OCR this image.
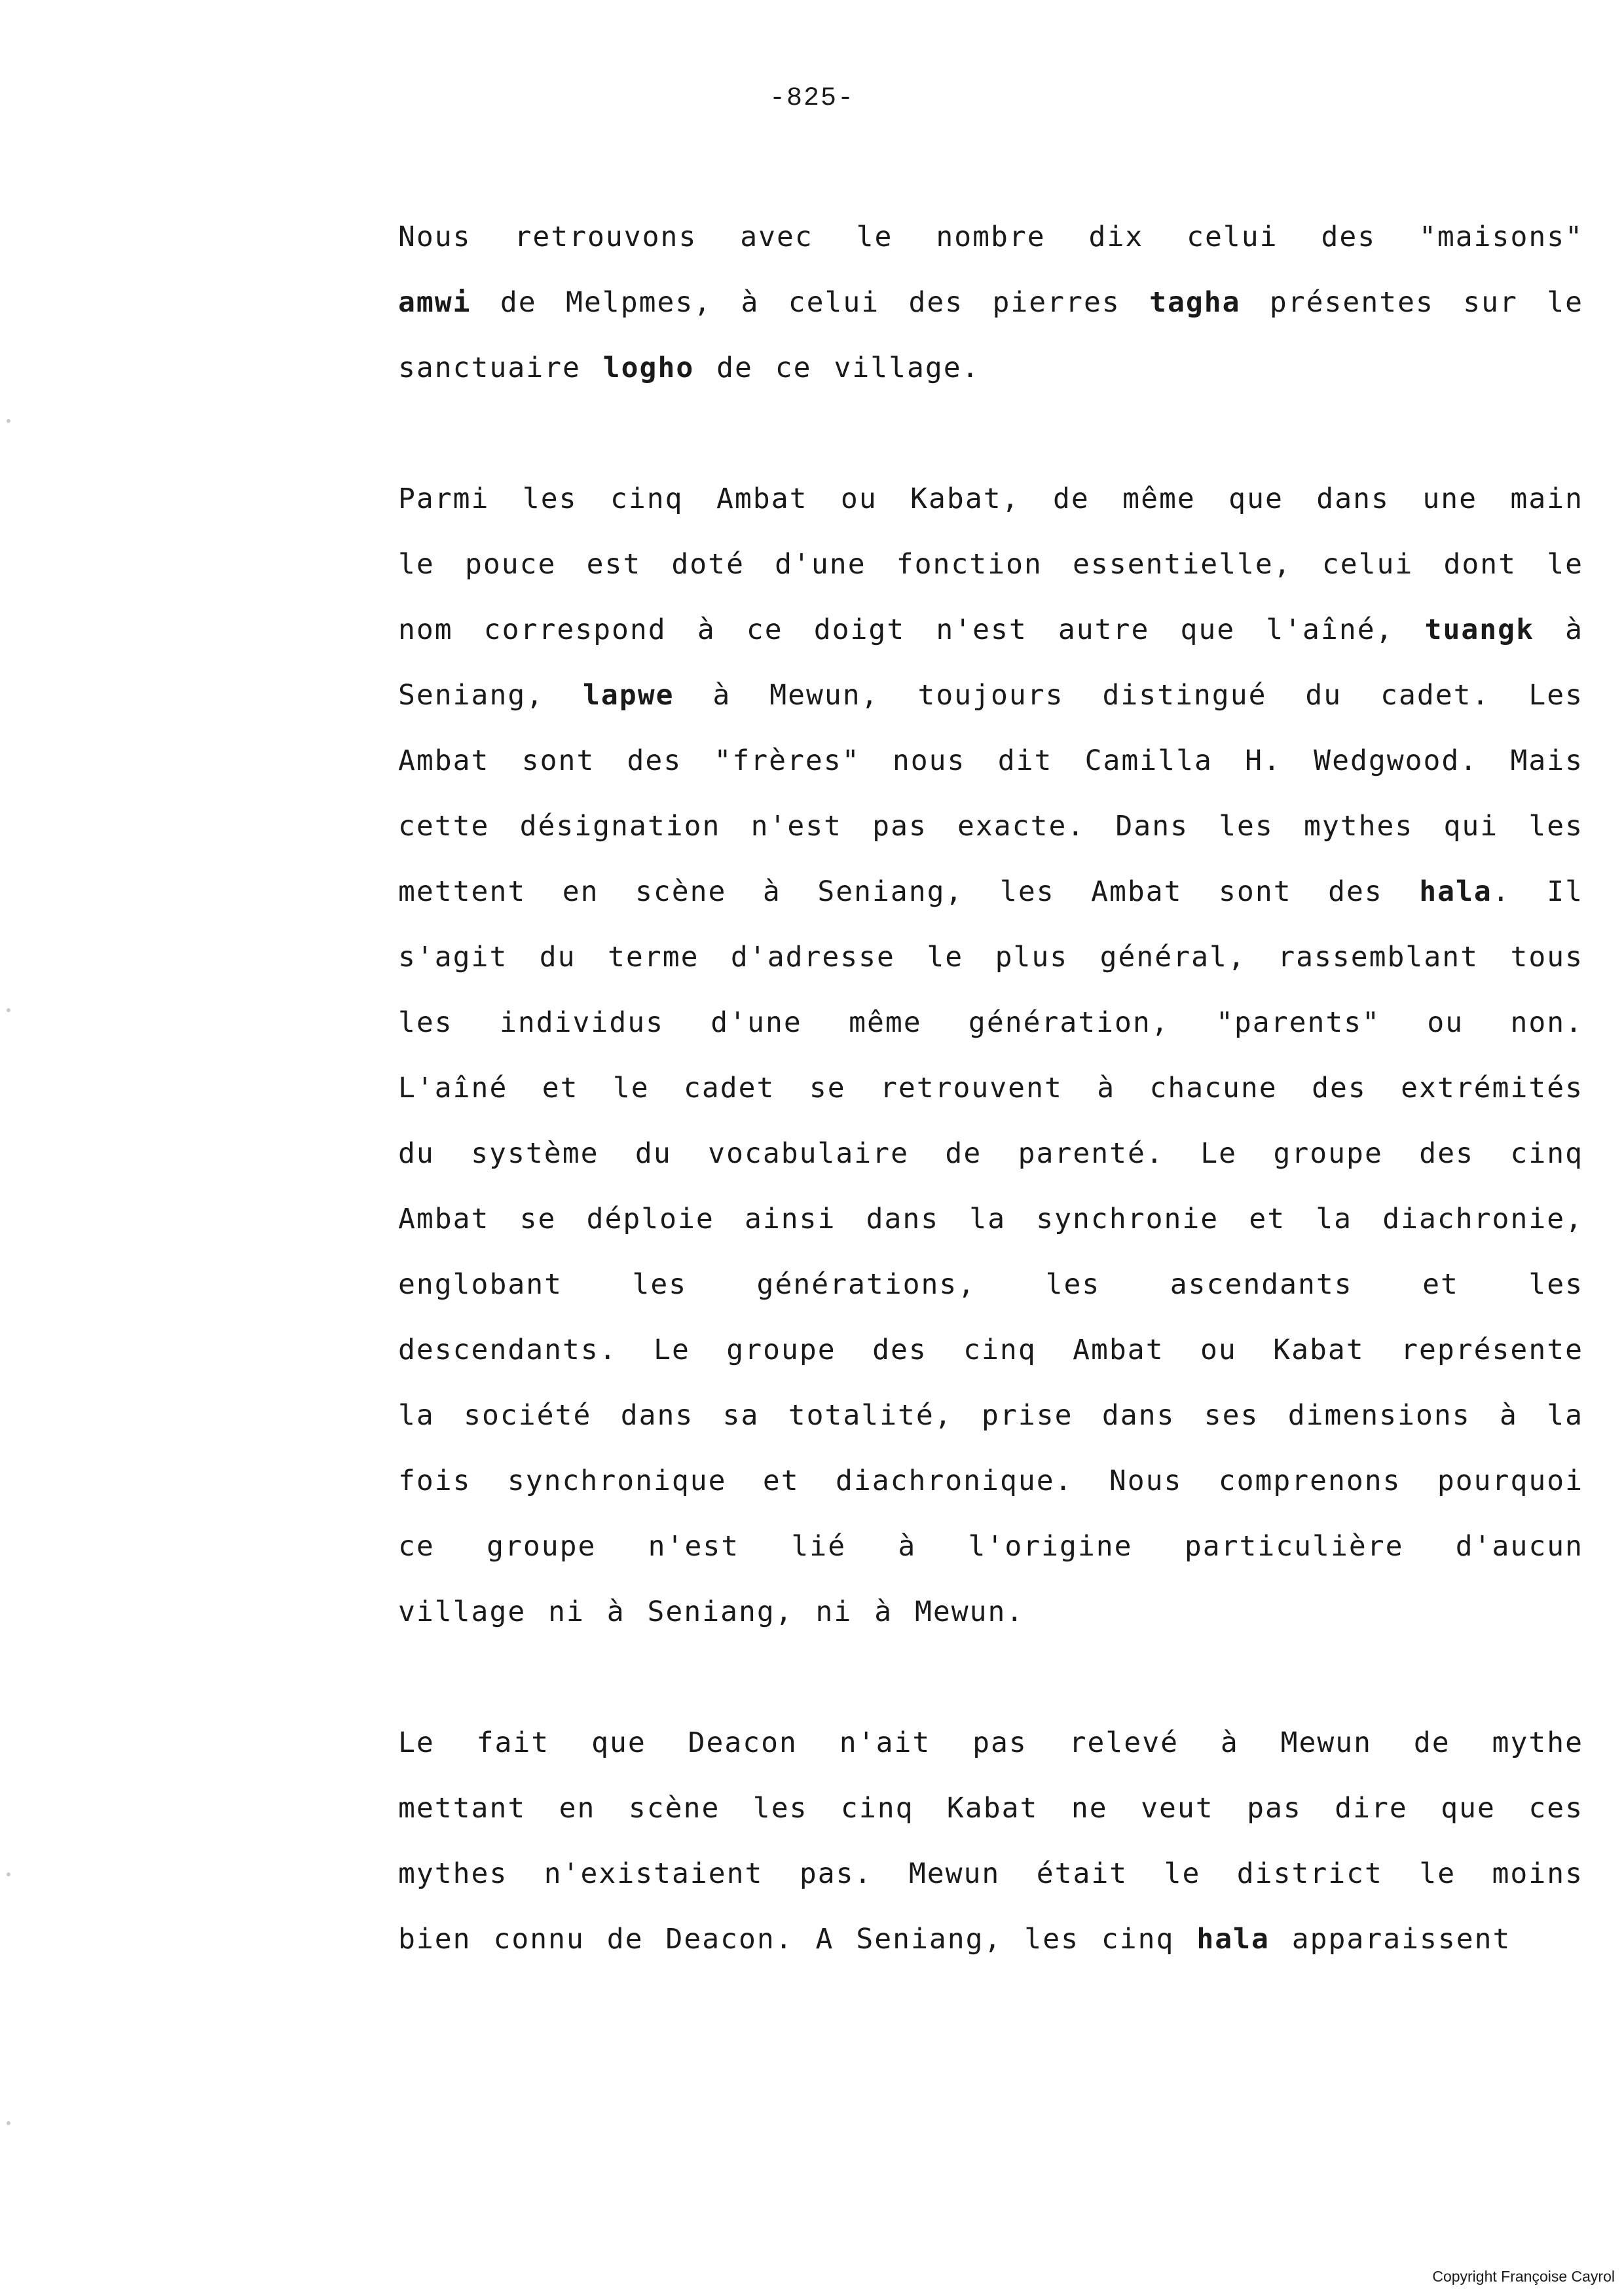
-825-

Nous retrouvons avec le nombre dix celui des "maisons"
amwi de Melpmes, à celui des pierres tagha présentes sur le
sanctuaire logho de ce village.
Parmi les cinq Ambat ou Kabat, de même que dans une main
le pouce est doté d'une fonction essentielle, celui dont le
nom correspond à ce doigt n'est autre que l'aîné, tuangk à
Seniang, lapwe à Mewun, toujours distingué du cadet. Les
Ambat sont des "frères" nous dit Camilla H. Wedgwood. Mais
cette désignation n'est pas exacte. Dans les mythes qui les
mettent en scène à Seniang, les Ambat sont des hala. Il
s'agit du terme d'adresse le plus général, rassemblant tous
les individus d'une même génération, "parents" ou non.
L'aîné et le cadet se retrouvent à chacune des extrémités
du système du vocabulaire de parenté. Le groupe des cinq
Ambat se déploie ainsi dans la synchronie et la diachronie,
englobant les générations, les ascendants et les
descendants. Le groupe des cinq Ambat ou Kabat représente
la société dans sa totalité, prise dans ses dimensions à la
fois synchronique et diachronique. Nous comprenons pourquoi
ce groupe n'est lié à l'origine particulière d'aucun
village ni à Seniang, ni à Mewun.
Le fait que Deacon n'ait pas relevé à Mewun de mythe
mettant en scène les cinq Kabat ne veut pas dire que ces
mythes n'existaient pas. Mewun était le district le moins
bien connu de Deacon. A Seniang, les cinq hala apparaissent

Copyright Françoise Cayrol
